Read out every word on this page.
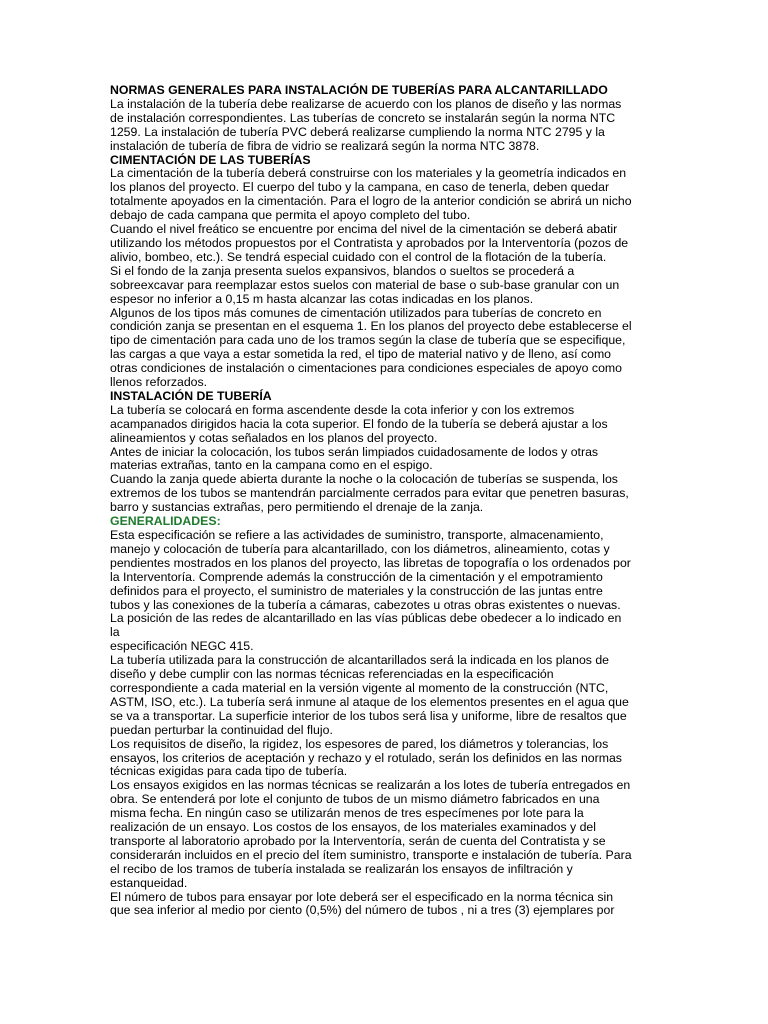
NORMAS GENERALES PARA INSTALACIÓN DE TUBERÍAS PARA ALCANTARILLADO

La instalación de la tubería debe realizarse de acuerdo con los planos de diseño y las normas
de instalación correspondientes. Las tuberías de concreto se instalarán según la norma NTC
1259. La instalación de tubería PVC deberá realizarse cumpliendo la norma NTC 2795 y la
instalación de tubería de fibra de vidrio se realizará según la norma NTC 3878.

CIMENTACIÓN DE LAS TUBERÍAS

La cimentación de la tubería deberá construirse con los materiales y la geometría indicados en
los planos del proyecto. El cuerpo del tubo y la campana, en caso de tenerla, deben quedar
totalmente apoyados en la cimentación. Para el logro de la anterior condición se abrirá un nicho
debajo de cada campana que permita el apoyo completo del tubo.

Cuando el nivel freático se encuentre por encima del nivel de la cimentación se deberá abatir
utilizando los métodos propuestos por el Contratista y aprobados por la Interventoría (pozos de
alivio, bombeo, etc.). Se tendrá especial cuidado con el control de la flotación de la tubería.

Si el fondo de la zanja presenta suelos expansivos, blandos o sueltos se procederá a
sobreexcavar para reemplazar estos suelos con material de base o sub-base granular con un
espesor no inferior a 0,15 m hasta alcanzar las cotas indicadas en los planos.

Algunos de los tipos más comunes de cimentación utilizados para tuberías de concreto en
condición zanja se presentan en el esquema 1. En los planos del proyecto debe establecerse el
tipo de cimentación para cada uno de los tramos según la clase de tubería que se especifique,
las cargas a que vaya a estar sometida la red, el tipo de material nativo y de lleno, así como
otras condiciones de instalación o cimentaciones para condiciones especiales de apoyo como
llenos reforzados.

INSTALACIÓN DE TUBERÍA

La tubería se colocará en forma ascendente desde la cota inferior y con los extremos
acampanados dirigidos hacia la cota superior. El fondo de la tubería se deberá ajustar a los
alineamientos y cotas señalados en los planos del proyecto.

Antes de iniciar la colocación, los tubos serán limpiados cuidadosamente de lodos y otras
materias extrañas, tanto en la campana como en el espigo.

Cuando la zanja quede abierta durante la noche o la colocación de tuberías se suspenda, los
extremos de los tubos se mantendrán parcialmente cerrados para evitar que penetren basuras,
barro y sustancias extrañas, pero permitiendo el drenaje de la zanja.

GENERALIDADES:

Esta especificación se refiere a las actividades de suministro, transporte, almacenamiento,
manejo y colocación de tubería para alcantarillado, con los diámetros, alineamiento, cotas y
pendientes mostrados en los planos del proyecto, las libretas de topografía o los ordenados por
la Interventoría. Comprende además la construcción de la cimentación y el empotramiento
definidos para el proyecto, el suministro de materiales y la construcción de las juntas entre
tubos y las conexiones de la tubería a cámaras, cabezotes u otras obras existentes o nuevas.

La posición de las redes de alcantarillado en las vías públicas debe obedecer a lo indicado en
la

especificación NEGC 415.

La tubería utilizada para la construcción de alcantarillados será la indicada en los planos de
diseño y debe cumplir con las normas técnicas referenciadas en la especificación
correspondiente a cada material en la versión vigente al momento de la construcción (NTC,
ASTM, ISO, etc.). La tubería será inmune al ataque de los elementos presentes en el agua que
se va a transportar. La superficie interior de los tubos será lisa y uniforme, libre de resaltos que
puedan perturbar la continuidad del flujo.

Los requisitos de diseño, la rigidez, los espesores de pared, los diámetros y tolerancias, los
ensayos, los criterios de aceptación y rechazo y el rotulado, serán los definidos en las normas
técnicas exigidas para cada tipo de tubería.

Los ensayos exigidos en las normas técnicas se realizarán a los lotes de tubería entregados en
obra. Se entenderá por lote el conjunto de tubos de un mismo diámetro fabricados en una
misma fecha. En ningún caso se utilizarán menos de tres especímenes por lote para la
realización de un ensayo. Los costos de los ensayos, de los materiales examinados y del
transporte al laboratorio aprobado por la Interventoría, serán de cuenta del Contratista y se
considerarán incluidos en el precio del ítem suministro, transporte e instalación de tubería. Para
el recibo de los tramos de tubería instalada se realizarán los ensayos de infiltración y
estanqueidad.

El número de tubos para ensayar por lote deberá ser el especificado en la norma técnica sin
que sea inferior al medio por ciento (0,5%) del número de tubos , ni a tres (3) ejemplares por
